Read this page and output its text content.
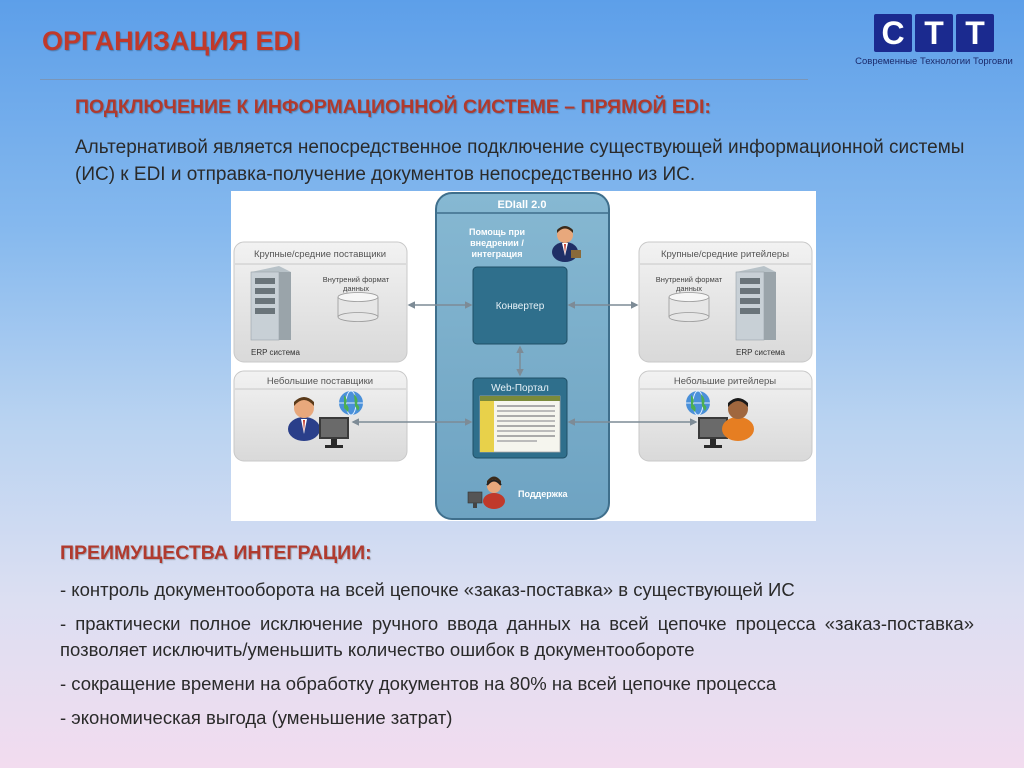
ОРГАНИЗАЦИЯ EDI	С Т Т
Современные Технологии Торговли
ПОДКЛЮЧЕНИЕ К ИНФОРМАЦИОННОЙ СИСТЕМЕ – ПРЯМОЙ EDI:
Альтернативой является непосредственное подключение существующей информационной системы (ИС) к EDI и отправка-получение документов непосредственно из ИС.
EDIall 2.0
Помощь при
внедрении /
интеграция
Конвертер
Web-Портал
Поддержка
Крупные/средние поставщики
Внутрений формат
данных
ERP система
Небольшие поставщики
Крупные/средние ритейлеры
Внутрений формат
данных
ERP система
Небольшие ритейлеры
ПРЕИМУЩЕСТВА ИНТЕГРАЦИИ:
- контроль документооборота на всей цепочке «заказ-поставка» в существующей ИС
- практически полное исключение ручного ввода данных на всей цепочке процесса «заказ-поставка» позволяет исключить/уменьшить количество ошибок в документообороте
- сокращение времени на обработку документов на 80% на всей цепочке процесса
- экономическая выгода (уменьшение затрат)
